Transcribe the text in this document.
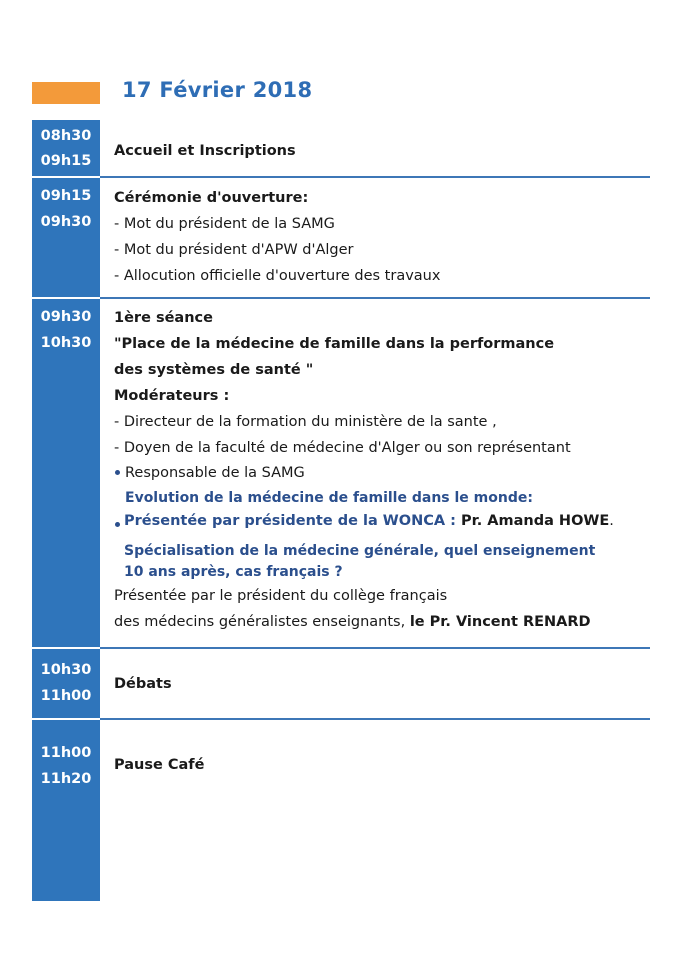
17 Février 2018
08h30
09h15
09h15
09h30
09h30
10h30
10h30
11h00
11h00
11h20
Accueil et Inscriptions
Cérémonie d'ouverture:
- Mot du président de la SAMG
- Mot du président d'APW d'Alger
- Allocution officielle d'ouverture des travaux
1ère séance
"Place de la médecine de famille dans la performance
des systèmes de santé "
Modérateurs :
- Directeur de la formation du ministère de la sante ,
- Doyen de la faculté de médecine d'Alger ou son représentant
Responsable de la SAMG
Evolution de la médecine de famille dans le monde:
Présentée par présidente de la WONCA : Pr. Amanda HOWE.
Spécialisation de la médecine générale, quel enseignement
10 ans après, cas français ?
Présentée par le président du collège français
des médecins généralistes enseignants, le Pr. Vincent RENARD
Débats
Pause Café
